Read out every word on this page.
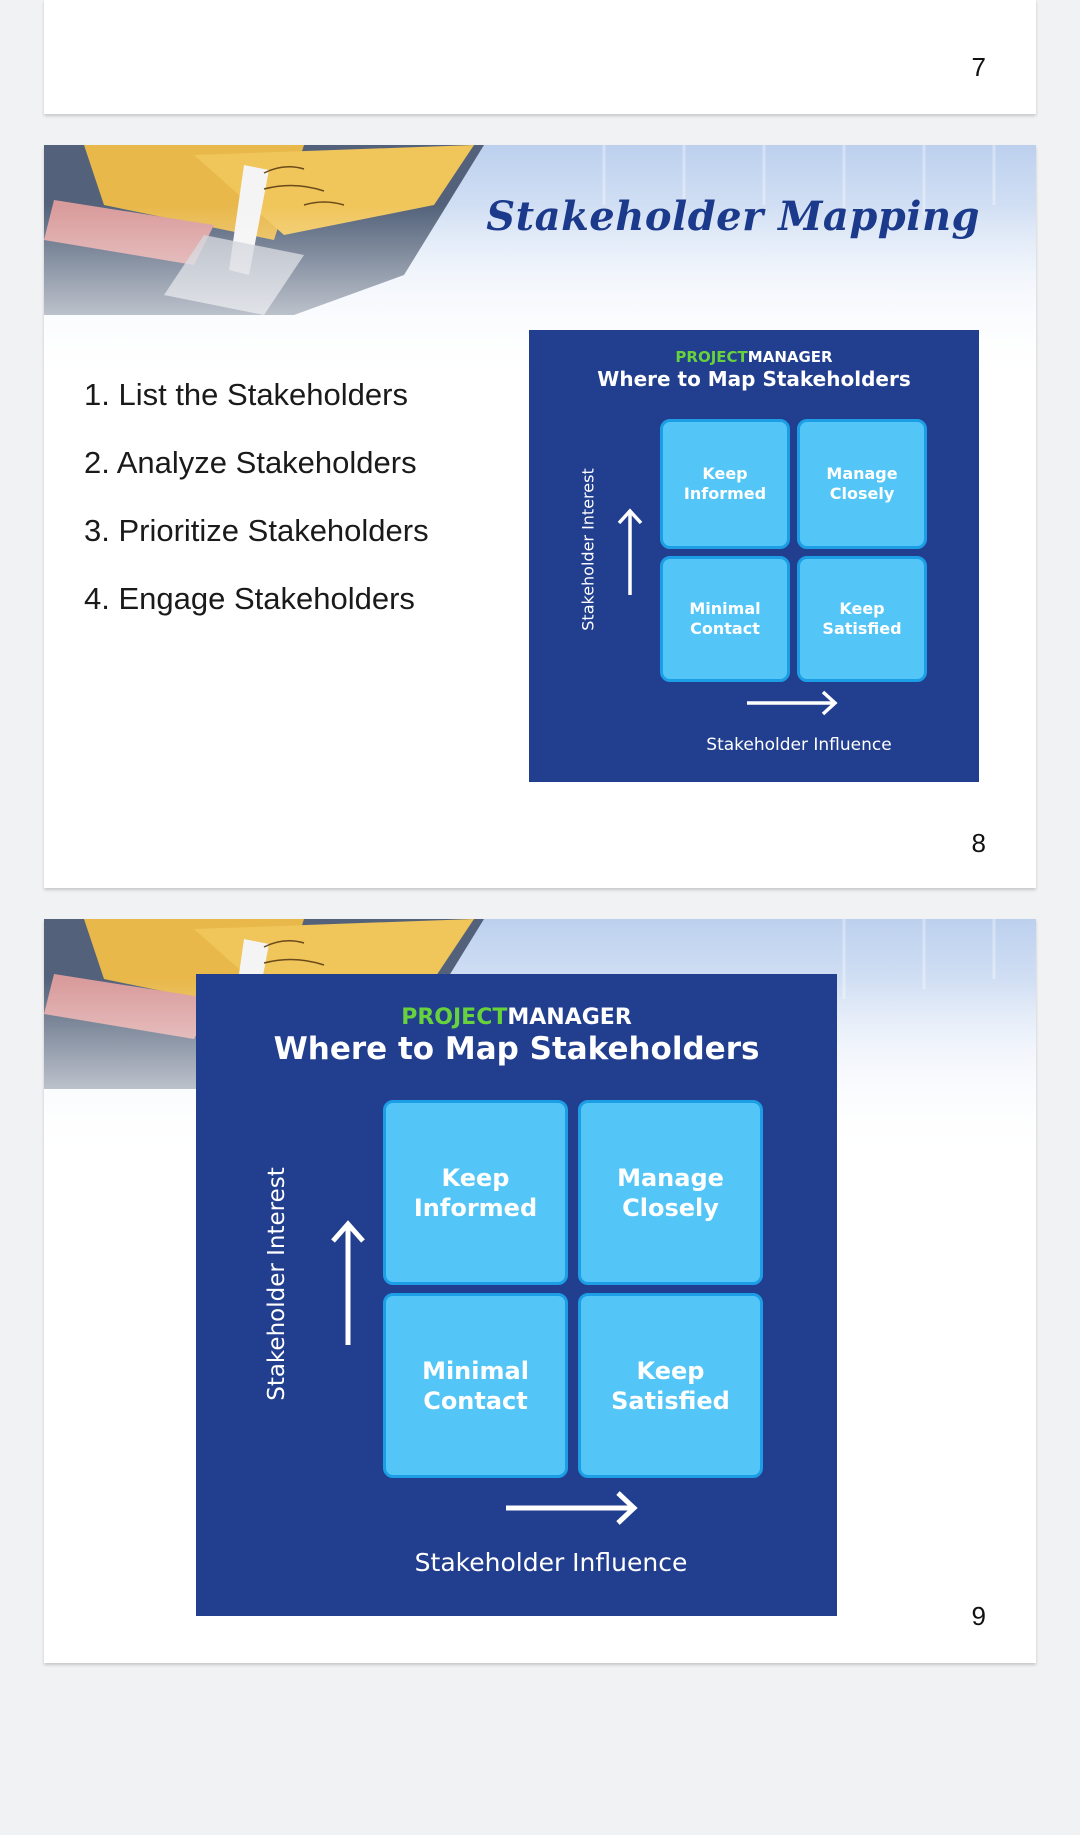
7
Stakeholder Mapping
1. List the Stakeholders
2. Analyze Stakeholders
3. Prioritize Stakeholders
4. Engage Stakeholders
PROJECTMANAGER
Where to Map Stakeholders
Keep
Informed
Manage
Closely
Minimal
Contact
Keep
Satisfied
Stakeholder Interest
Stakeholder Influence
8
PROJECTMANAGER
Where to Map Stakeholders
Keep
Informed
Manage
Closely
Minimal
Contact
Keep
Satisfied
Stakeholder Interest
Stakeholder Influence
9
